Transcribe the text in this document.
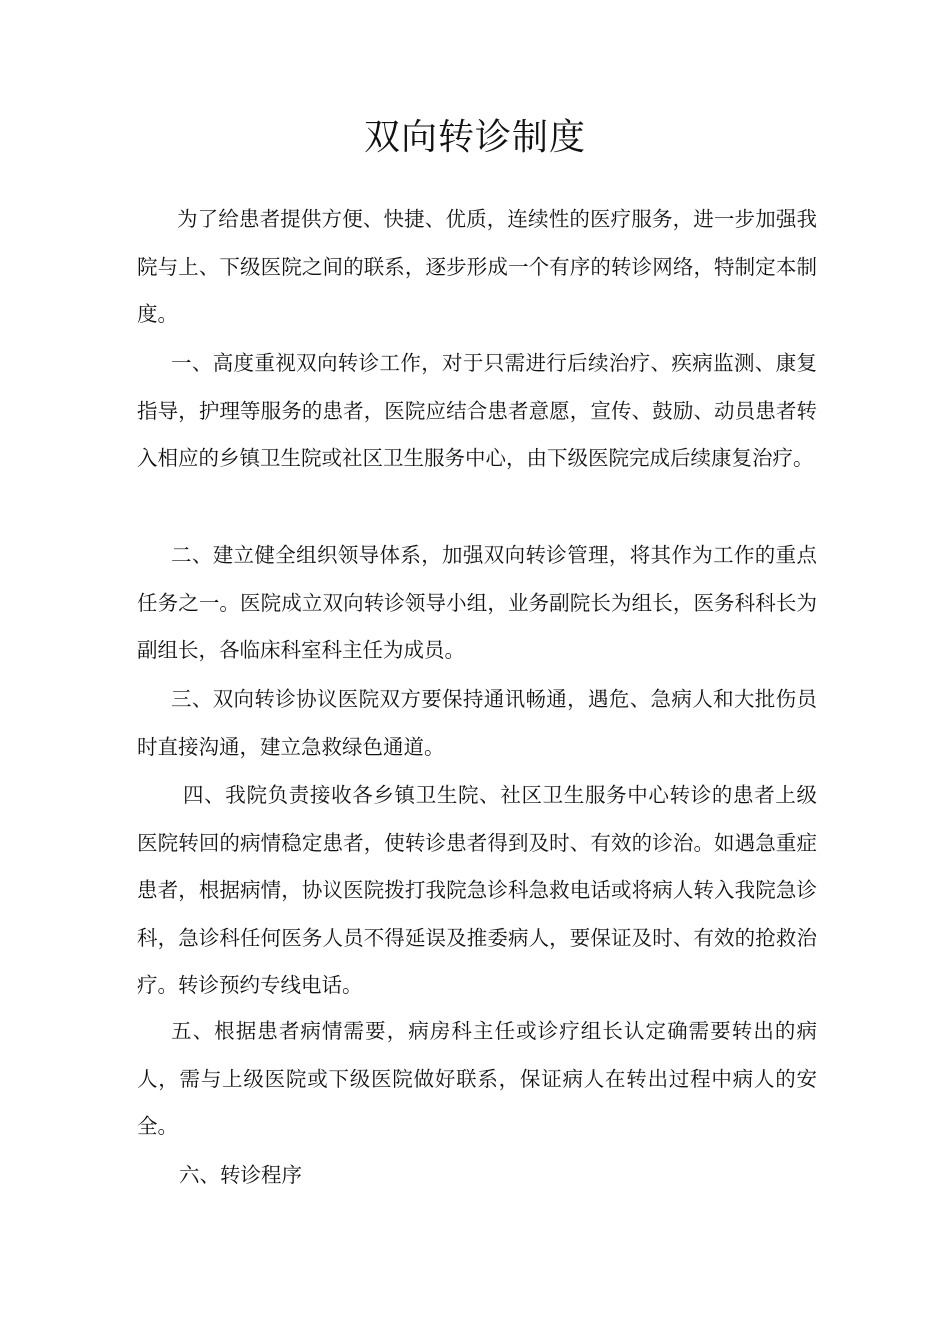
双向转诊制度

为了给患者提供方便、快捷、优质，连续性的医疗服务，进一步加强我院与上、下级医院之间的联系，逐步形成一个有序的转诊网络，特制定本制度。

一、高度重视双向转诊工作，对于只需进行后续治疗、疾病监测、康复指导，护理等服务的患者，医院应结合患者意愿，宣传、鼓励、动员患者转入相应的乡镇卫生院或社区卫生服务中心，由下级医院完成后续康复治疗。

二、建立健全组织领导体系，加强双向转诊管理，将其作为工作的重点任务之一。医院成立双向转诊领导小组，业务副院长为组长，医务科科长为副组长，各临床科室科主任为成员。

三、双向转诊协议医院双方要保持通讯畅通，遇危、急病人和大批伤员时直接沟通，建立急救绿色通道。

四、我院负责接收各乡镇卫生院、社区卫生服务中心转诊的患者上级医院转回的病情稳定患者，使转诊患者得到及时、有效的诊治。如遇急重症患者，根据病情，协议医院拨打我院急诊科急救电话或将病人转入我院急诊科，急诊科任何医务人员不得延误及推委病人，要保证及时、有效的抢救治疗。转诊预约专线电话。

五、根据患者病情需要，病房科主任或诊疗组长认定确需要转出的病人，需与上级医院或下级医院做好联系，保证病人在转出过程中病人的安全。

六、转诊程序
